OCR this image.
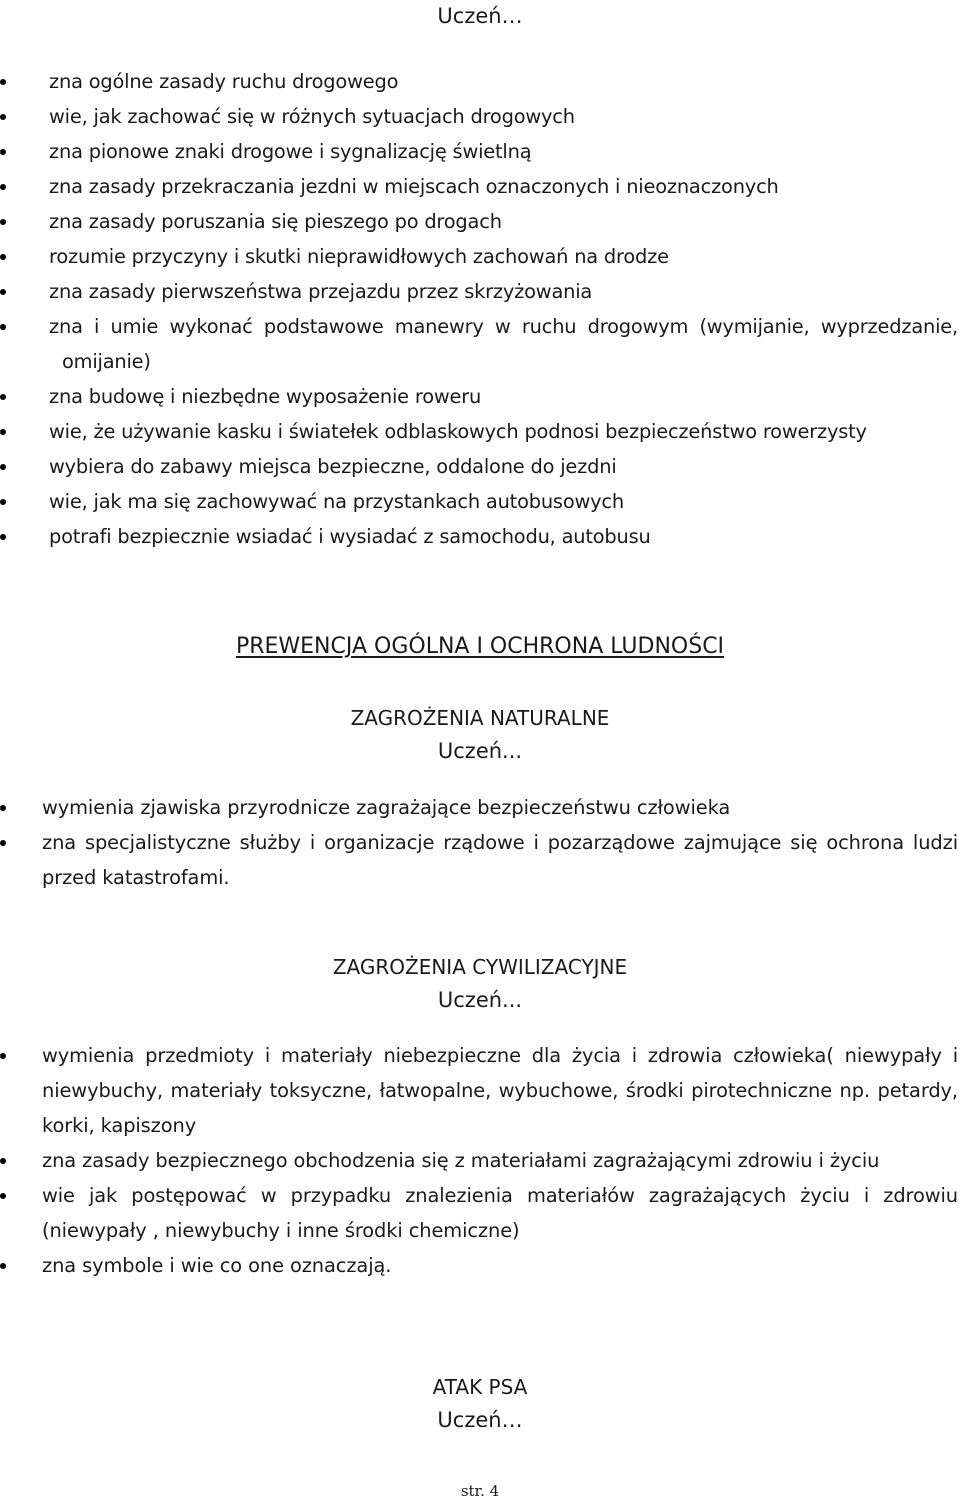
Uczeń…
zna ogólne zasady ruchu drogowego
wie, jak zachować się w różnych sytuacjach drogowych
zna pionowe znaki drogowe i sygnalizację świetlną
zna zasady przekraczania jezdni w miejscach oznaczonych i nieoznaczonych
zna zasady poruszania się pieszego po drogach
rozumie przyczyny i skutki nieprawidłowych zachowań na drodze
zna zasady pierwszeństwa przejazdu przez skrzyżowania
zna i umie wykonać podstawowe manewry w ruchu drogowym (wymijanie, wyprzedzanie, omijanie)
zna budowę i niezbędne wyposażenie roweru
wie, że używanie kasku i światełek odblaskowych podnosi bezpieczeństwo rowerzysty
wybiera do zabawy miejsca bezpieczne, oddalone do jezdni
wie, jak ma się zachowywać na przystankach autobusowych
potrafi bezpiecznie wsiadać i wysiadać z samochodu, autobusu
PREWENCJA OGÓLNA I OCHRONA LUDNOŚCI
ZAGROŻENIA NATURALNE
Uczeń...
wymienia zjawiska przyrodnicze zagrażające bezpieczeństwu człowieka
zna specjalistyczne służby i organizacje rządowe i pozarządowe zajmujące się ochrona ludzi przed katastrofami.
ZAGROŻENIA CYWILIZACYJNE
Uczeń...
wymienia przedmioty i materiały niebezpieczne dla życia i zdrowia człowieka( niewypały i niewybuchy, materiały toksyczne, łatwopalne, wybuchowe, środki pirotechniczne np. petardy, korki, kapiszony
zna zasady bezpiecznego obchodzenia się z materiałami zagrażającymi zdrowiu i życiu
wie jak postępować w przypadku znalezienia materiałów zagrażających życiu i zdrowiu (niewypały , niewybuchy i inne środki chemiczne)
zna symbole i wie co one oznaczają.
ATAK PSA
Uczeń…
str. 4
